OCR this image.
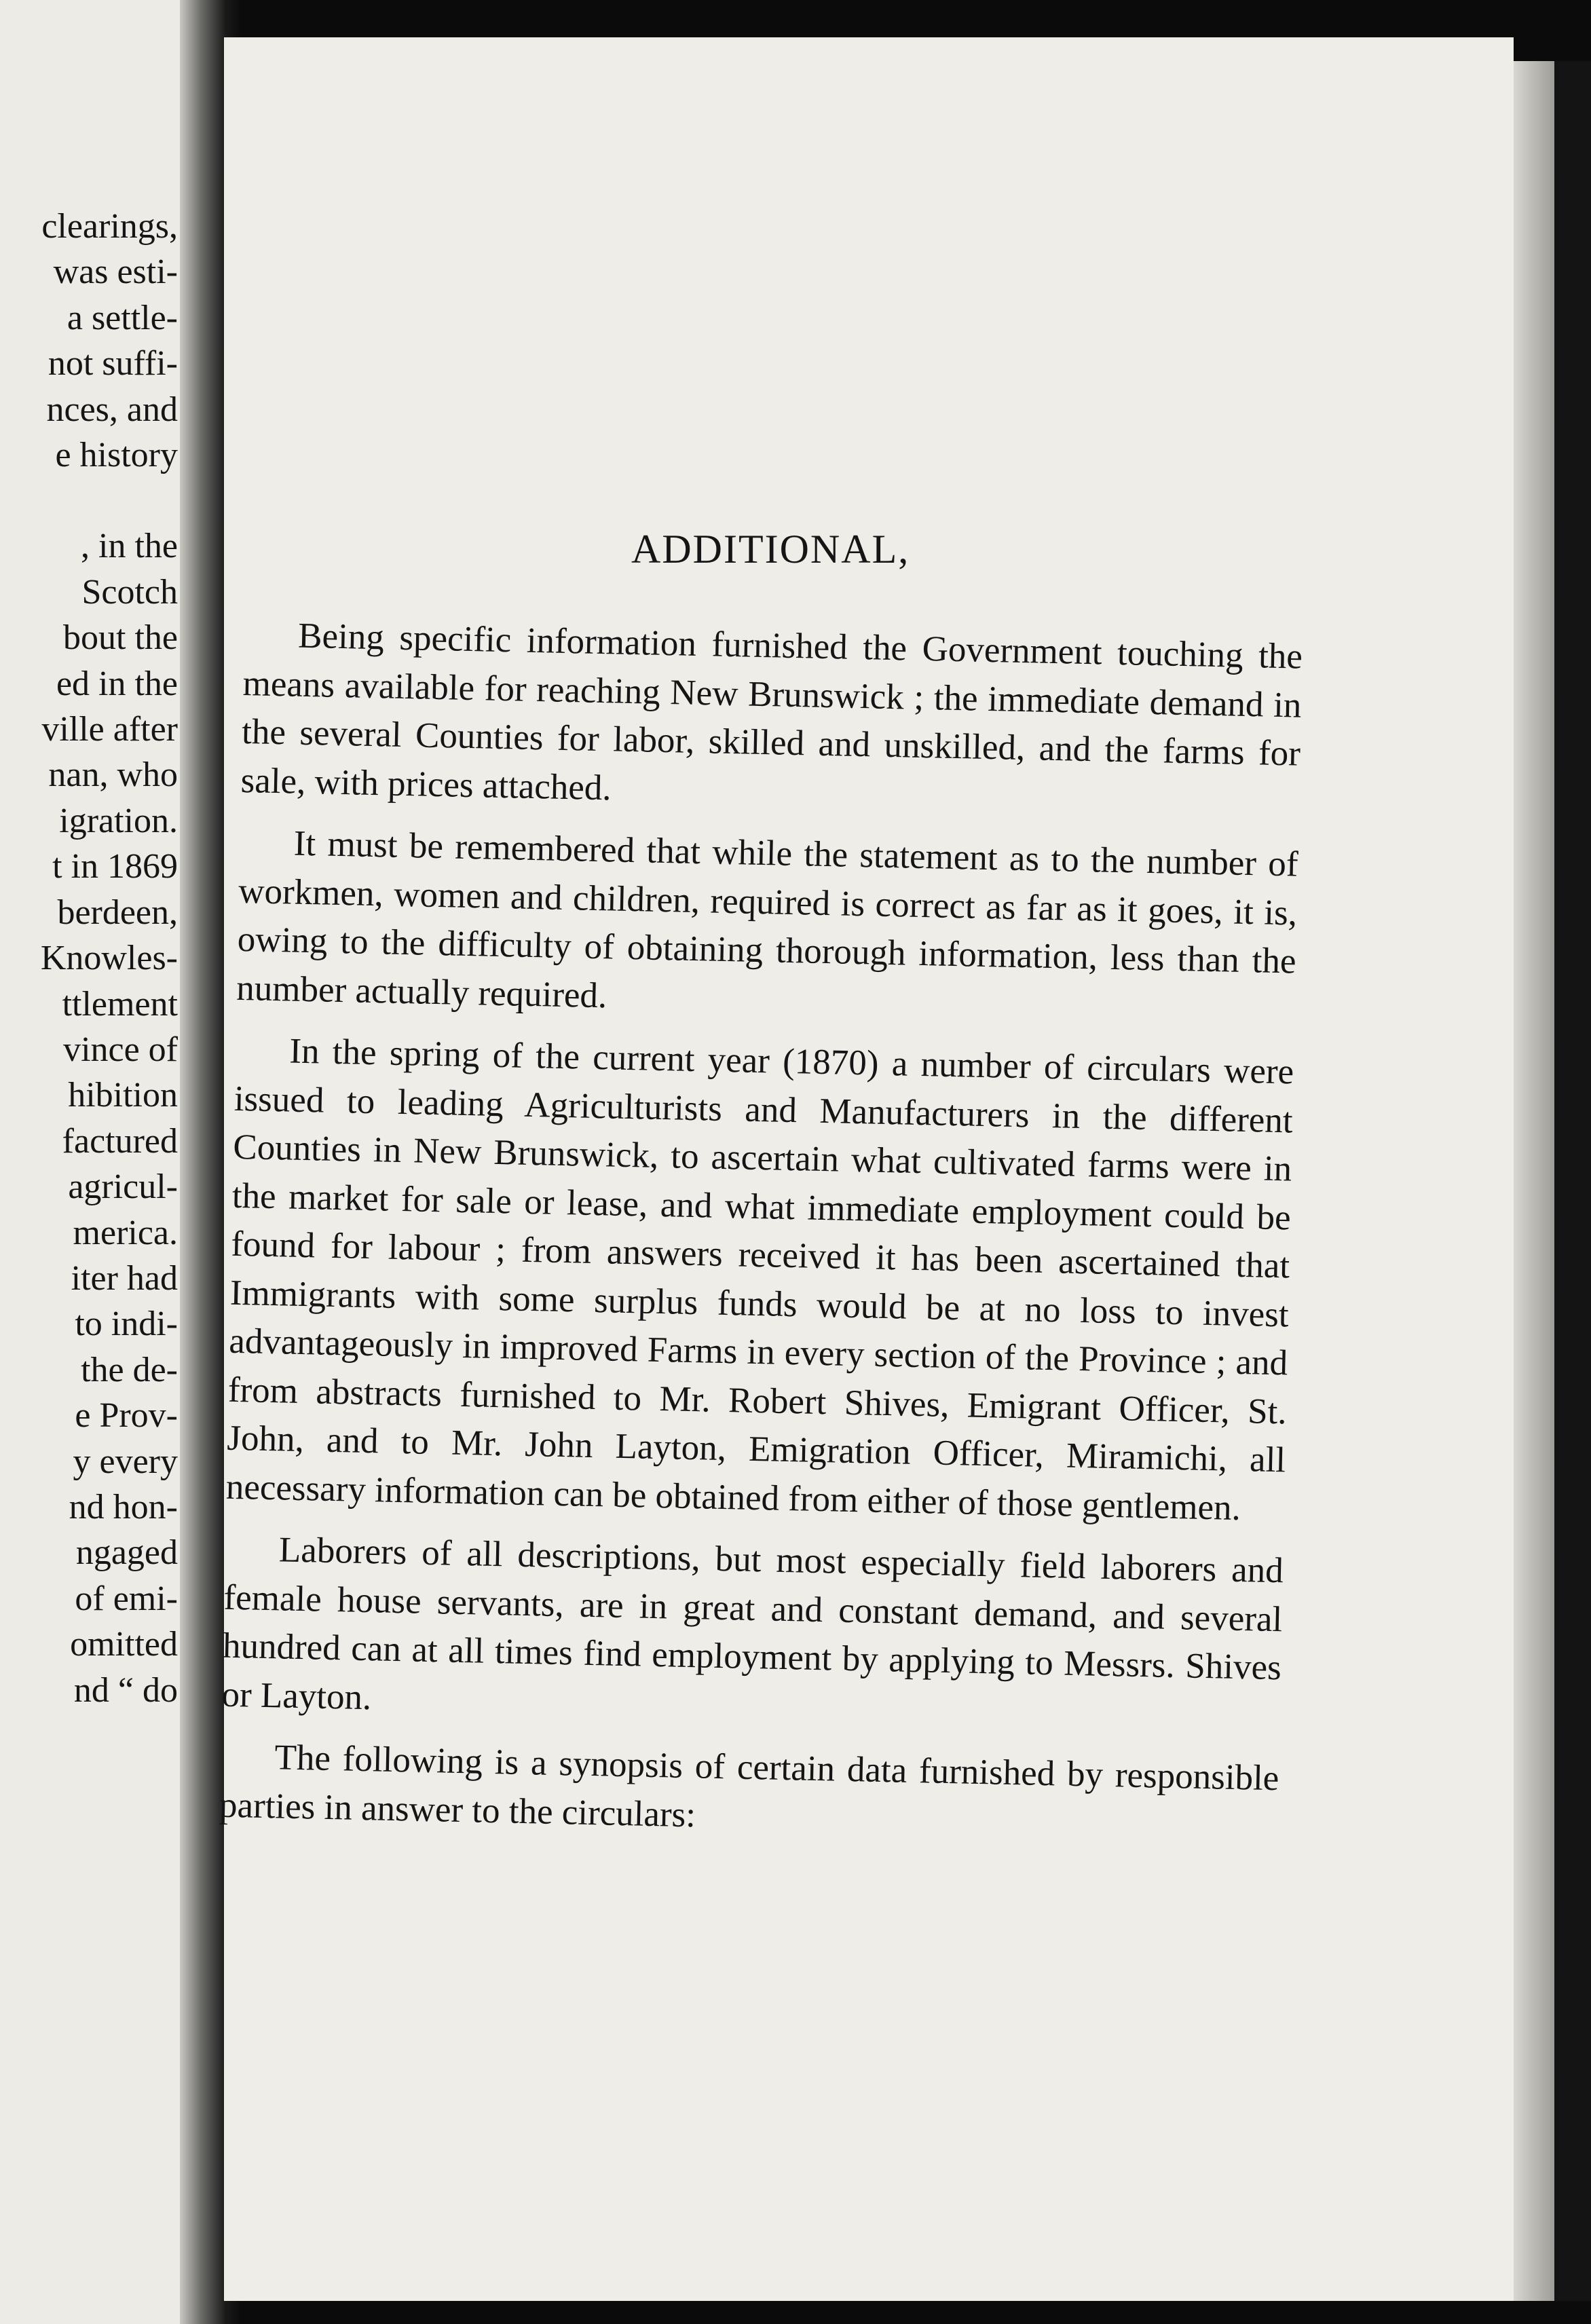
clearings,
was esti-
a settle-
not suffi-
nces, and
e history
, in the
Scotch
bout the
ed in the
ville after
nan, who
igration.
t in 1869
berdeen,
Knowles-
ttlement
vince of
hibition
factured
agricul-
merica.
iter had
to indi-
the de-
e Prov-
y every
nd hon-
ngaged
of emi-
omitted
nd “ do
ADDITIONAL,

Being specific information furnished the Government touching the means available for reaching New Brunswick ; the immediate demand in the several Counties for labor, skilled and unskilled, and the farms for sale, with prices attached.

It must be remembered that while the statement as to the number of workmen, women and children, required is correct as far as it goes, it is, owing to the difficulty of obtaining thorough information, less than the number actually required.

In the spring of the current year (1870) a number of circulars were issued to leading Agriculturists and Manufacturers in the different Counties in New Brunswick, to ascertain what cultivated farms were in the market for sale or lease, and what immediate employment could be found for labour ; from answers received it has been ascertained that Immigrants with some surplus funds would be at no loss to invest advantageously in improved Farms in every section of the Province ; and from abstracts furnished to Mr. Robert Shives, Emigrant Officer, St. John, and to Mr. John Layton, Emigration Officer, Miramichi, all necessary information can be obtained from either of those gentlemen.

Laborers of all descriptions, but most especially field laborers and female house servants, are in great and constant demand, and several hundred can at all times find employment by applying to Messrs. Shives or Layton.

The following is a synopsis of certain data furnished by responsible parties in answer to the circulars:
